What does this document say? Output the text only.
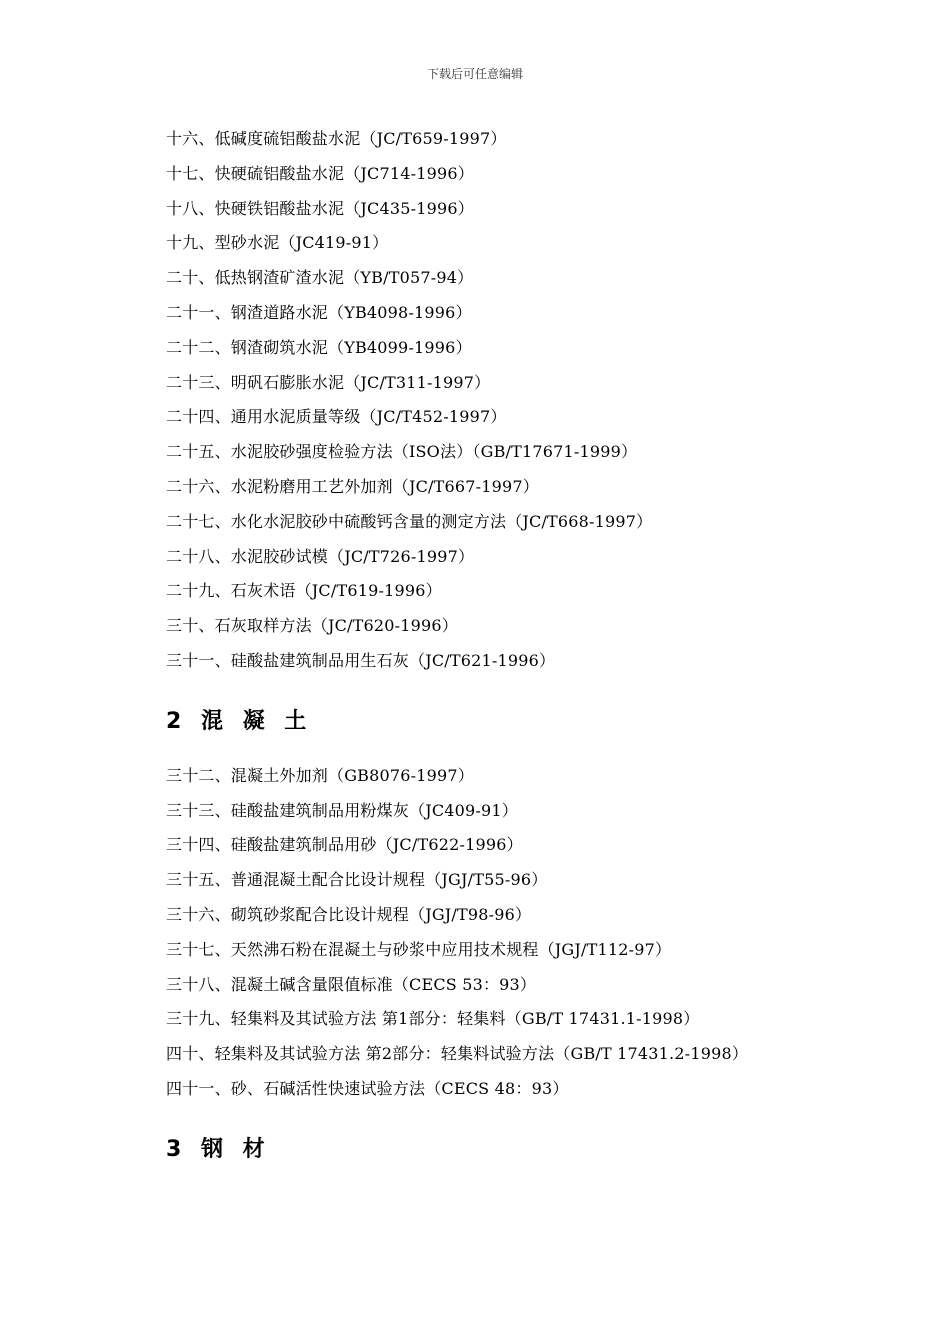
下载后可任意编辑
十六、低碱度硫铝酸盐水泥（JC/T659-1997）
十七、快硬硫铝酸盐水泥（JC714-1996）
十八、快硬铁铝酸盐水泥（JC435-1996）
十九、型砂水泥（JC419-91）
二十、低热钢渣矿渣水泥（YB/T057-94）
二十一、钢渣道路水泥（YB4098-1996）
二十二、钢渣砌筑水泥（YB4099-1996）
二十三、明矾石膨胀水泥（JC/T311-1997）
二十四、通用水泥质量等级（JC/T452-1997）
二十五、水泥胶砂强度检验方法（ISO法）（GB/T17671-1999）
二十六、水泥粉磨用工艺外加剂（JC/T667-1997）
二十七、水化水泥胶砂中硫酸钙含量的测定方法（JC/T668-1997）
二十八、水泥胶砂试模（JC/T726-1997）
二十九、石灰术语（JC/T619-1996）
三十、石灰取样方法（JC/T620-1996）
三十一、硅酸盐建筑制品用生石灰（JC/T621-1996）
2 混 凝 土
三十二、混凝土外加剂（GB8076-1997）
三十三、硅酸盐建筑制品用粉煤灰（JC409-91）
三十四、硅酸盐建筑制品用砂（JC/T622-1996）
三十五、普通混凝土配合比设计规程（JGJ/T55-96）
三十六、砌筑砂浆配合比设计规程（JGJ/T98-96）
三十七、天然沸石粉在混凝土与砂浆中应用技术规程（JGJ/T112-97）
三十八、混凝土碱含量限值标准（CECS 53：93）
三十九、轻集料及其试验方法 第1部分：轻集料（GB/T 17431.1-1998）
四十、轻集料及其试验方法 第2部分：轻集料试验方法（GB/T 17431.2-1998）
四十一、砂、石碱活性快速试验方法（CECS 48：93）
3 钢 材
